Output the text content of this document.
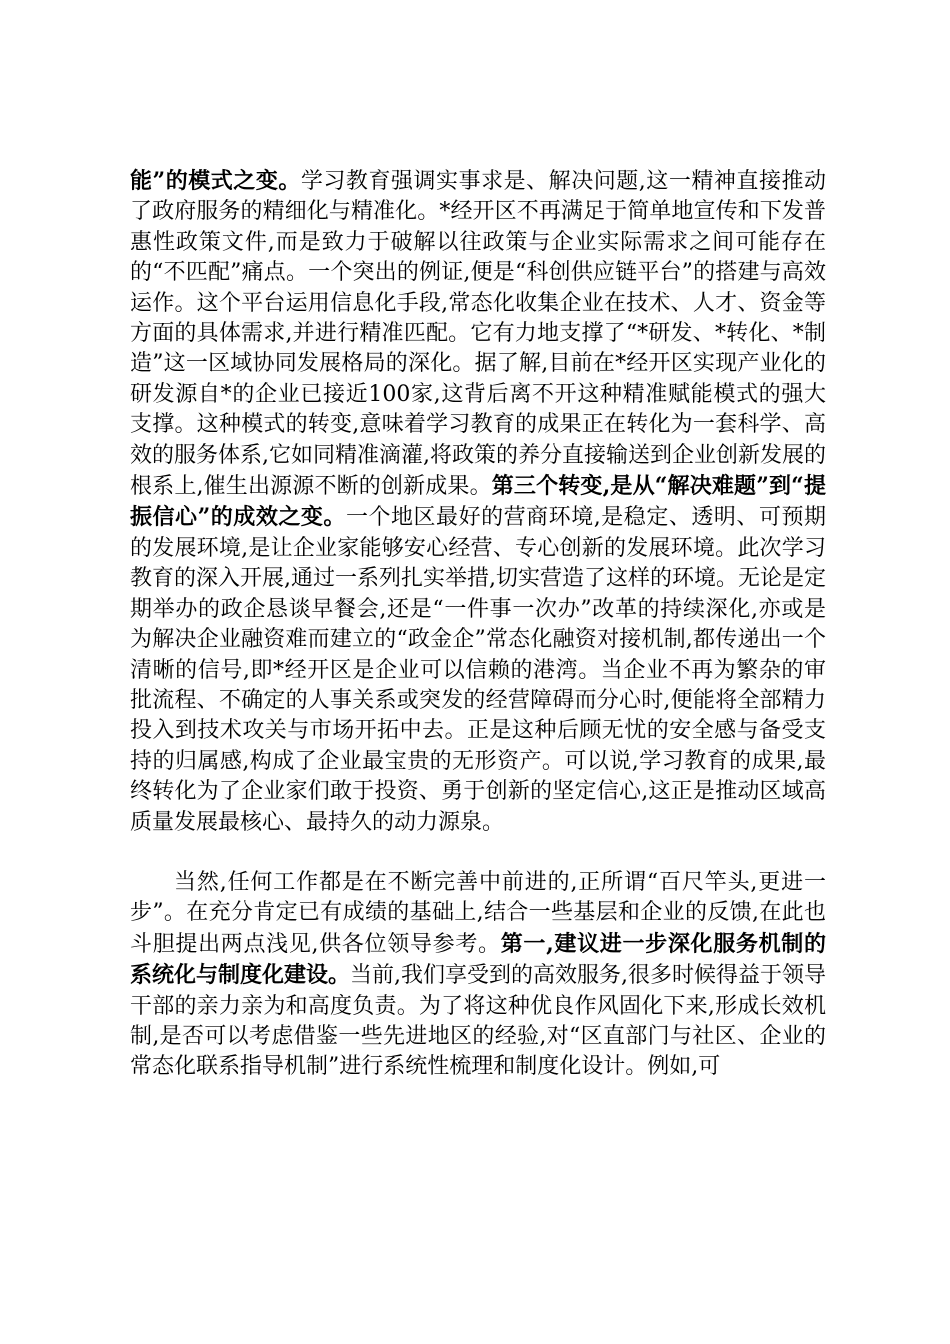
能”的模式之变。学习教育强调实事求是、解决问题,这一精神直接推动了政府服务的精细化与精准化。*经开区不再满足于简单地宣传和下发普惠性政策文件,而是致力于破解以往政策与企业实际需求之间可能存在的“不匹配”痛点。一个突出的例证,便是“科创供应链平台”的搭建与高效运作。这个平台运用信息化手段,常态化收集企业在技术、人才、资金等方面的具体需求,并进行精准匹配。它有力地支撑了“*研发、*转化、*制造”这一区域协同发展格局的深化。据了解,目前在*经开区实现产业化的研发源自*的企业已接近100家,这背后离不开这种精准赋能模式的强大支撑。这种模式的转变,意味着学习教育的成果正在转化为一套科学、高效的服务体系,它如同精准滴灌,将政策的养分直接输送到企业创新发展的根系上,催生出源源不断的创新成果。第三个转变,是从“解决难题”到“提振信心”的成效之变。一个地区最好的营商环境,是稳定、透明、可预期的发展环境,是让企业家能够安心经营、专心创新的发展环境。此次学习教育的深入开展,通过一系列扎实举措,切实营造了这样的环境。无论是定期举办的政企恳谈早餐会,还是“一件事一次办”改革的持续深化,亦或是为解决企业融资难而建立的“政金企”常态化融资对接机制,都传递出一个清晰的信号,即*经开区是企业可以信赖的港湾。当企业不再为繁杂的审批流程、不确定的人事关系或突发的经营障碍而分心时,便能将全部精力投入到技术攻关与市场开拓中去。正是这种后顾无忧的安全感与备受支持的归属感,构成了企业最宝贵的无形资产。可以说,学习教育的成果,最终转化为了企业家们敢于投资、勇于创新的坚定信心,这正是推动区域高质量发展最核心、最持久的动力源泉。

当然,任何工作都是在不断完善中前进的,正所谓“百尺竿头,更进一步”。在充分肯定已有成绩的基础上,结合一些基层和企业的反馈,在此也斗胆提出两点浅见,供各位领导参考。第一,建议进一步深化服务机制的系统化与制度化建设。当前,我们享受到的高效服务,很多时候得益于领导干部的亲力亲为和高度负责。为了将这种优良作风固化下来,形成长效机制,是否可以考虑借鉴一些先进地区的经验,对“区直部门与社区、企业的常态化联系指导机制”进行系统性梳理和制度化设计。例如,可
